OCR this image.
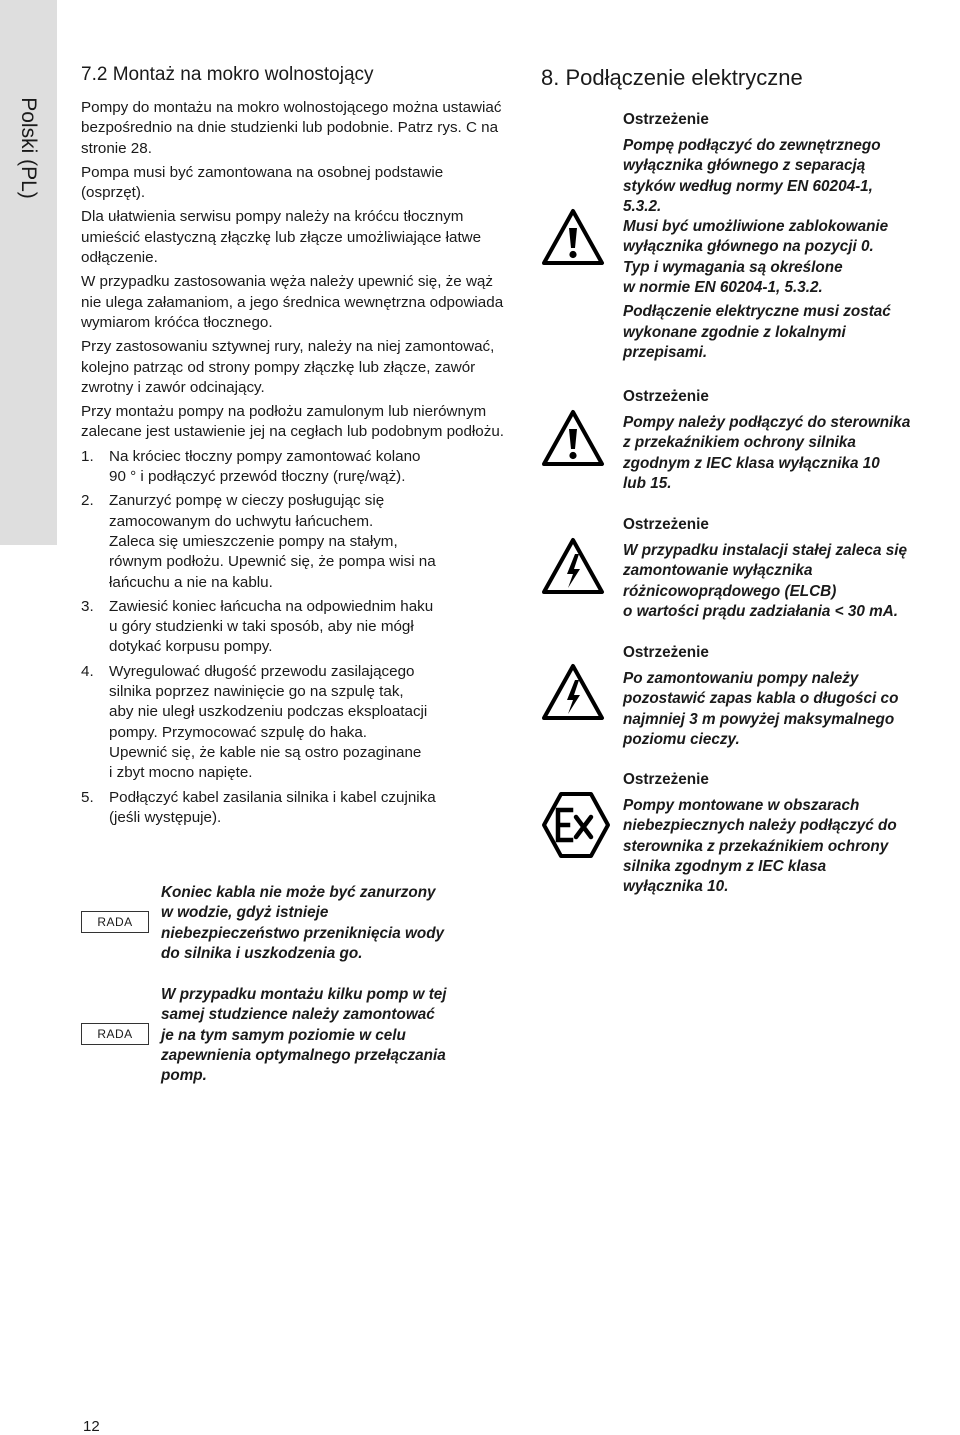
Polski (PL)
7.2 Montaż na mokro wolnostojący

Pompy do montażu na mokro wolnostojącego można ustawiać bezpośrednio na dnie studzienki lub podobnie. Patrz rys. C na stronie 28.

Pompa musi być zamontowana na osobnej podstawie (osprzęt).

Dla ułatwienia serwisu pompy należy na króćcu tłocznym umieścić elastyczną złączkę lub złącze umożliwiające łatwe odłączenie.

W przypadku zastosowania węża należy upewnić się, że wąż nie ulega załamaniom, a jego średnica wewnętrzna odpowiada wymiarom króćca tłocznego.

Przy zastosowaniu sztywnej rury, należy na niej zamontować, kolejno patrząc od strony pompy złączkę lub złącze, zawór zwrotny i zawór odcinający.

Przy montażu pompy na podłożu zamulonym lub nierównym zalecane jest ustawienie jej na cegłach lub podobnym podłożu.

1. Na króciec tłoczny pompy zamontować kolano
90 ° i podłączyć przewód tłoczny (rurę/wąż).
2. Zanurzyć pompę w cieczy posługując się
zamocowanym do uchwytu łańcuchem.
Zaleca się umieszczenie pompy na stałym,
równym podłożu. Upewnić się, że pompa wisi na
łańcuchu a nie na kablu.
3. Zawiesić koniec łańcucha na odpowiednim haku
u góry studzienki w taki sposób, aby nie mógł
dotykać korpusu pompy.
4. Wyregulować długość przewodu zasilającego
silnika poprzez nawinięcie go na szpulę tak,
aby nie uległ uszkodzeniu podczas eksploatacji
pompy. Przymocować szpulę do haka.
Upewnić się, że kable nie są ostro pozaginane
i zbyt mocno napięte.
5. Podłączyć kabel zasilania silnika i kabel czujnika
(jeśli występuje).
RADA
Koniec kabla nie może być zanurzony
w wodzie, gdyż istnieje
niebezpieczeństwo przeniknięcia wody
do silnika i uszkodzenia go.
RADA
W przypadku montażu kilku pomp w tej
samej studzience należy zamontować
je na tym samym poziomie w celu
zapewnienia optymalnego przełączania
pomp.
8. Podłączenie elektryczne
Ostrzeżenie
Pompę podłączyć do zewnętrznego
wyłącznika głównego z separacją
styków według normy EN 60204-1,
5.3.2.
Musi być umożliwione zablokowanie
wyłącznika głównego na pozycji 0.
Typ i wymagania są określone
w normie EN 60204-1, 5.3.2.
Podłączenie elektryczne musi zostać
wykonane zgodnie z lokalnymi
przepisami.
Ostrzeżenie
Pompy należy podłączyć do sterownika
z przekaźnikiem ochrony silnika
zgodnym z IEC klasa wyłącznika 10
lub 15.
Ostrzeżenie
W przypadku instalacji stałej zaleca się
zamontowanie wyłącznika
różnicowoprądowego (ELCB)
o wartości prądu zadziałania < 30 mA.
Ostrzeżenie
Po zamontowaniu pompy należy
pozostawić zapas kabla o długości co
najmniej 3 m powyżej maksymalnego
poziomu cieczy.
Ostrzeżenie
Pompy montowane w obszarach
niebezpiecznych należy podłączyć do
sterownika z przekaźnikiem ochrony
silnika zgodnym z IEC klasa
wyłącznika 10.
12
